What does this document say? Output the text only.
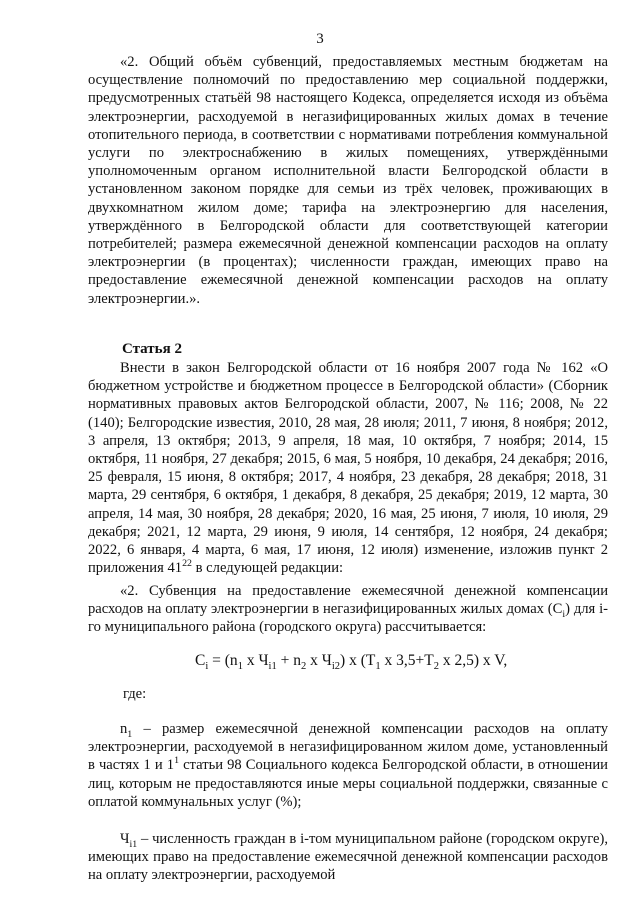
3

«2. Общий объём субвенций, предоставляемых местным бюджетам на осуществление полномочий по предоставлению мер социальной поддержки, предусмотренных статьёй 98 настоящего Кодекса, определяется исходя из объёма электроэнергии, расходуемой в негазифицированных жилых домах в течение отопительного периода, в соответствии с нормативами потребления коммунальной услуги по электроснабжению в жилых помещениях, утверждёнными уполномоченным органом исполнительной власти Белгородской области в установленном законом порядке для семьи из трёх человек, проживающих в двухкомнатном жилом доме; тарифа на электроэнергию для населения, утверждённого в Белгородской области для соответствующей категории потребителей; размера ежемесячной денежной компенсации расходов на оплату электроэнергии (в процентах); численности граждан, имеющих право на предоставление ежемесячной денежной компенсации расходов на оплату электроэнергии.».

Статья 2

Внести в закон Белгородской области от 16 ноября 2007 года № 162 «О бюджетном устройстве и бюджетном процессе в Белгородской области» (Сборник нормативных правовых актов Белгородской области, 2007, № 116; 2008, № 22 (140); Белгородские известия, 2010, 28 мая, 28 июля; 2011, 7 июня, 8 ноября; 2012, 3 апреля, 13 октября; 2013, 9 апреля, 18 мая, 10 октября, 7 ноября; 2014, 15 октября, 11 ноября, 27 декабря; 2015, 6 мая, 5 ноября, 10 декабря, 24 декабря; 2016, 25 февраля, 15 июня, 8 октября; 2017, 4 ноября, 23 декабря, 28 декабря; 2018, 31 марта, 29 сентября, 6 октября, 1 декабря, 8 декабря, 25 декабря; 2019, 12 марта, 30 апреля, 14 мая, 30 ноября, 28 декабря; 2020, 16 мая, 25 июня, 7 июля, 10 июля, 29 декабря; 2021, 12 марта, 29 июня, 9 июля, 14 сентября, 12 ноября, 24 декабря; 2022, 6 января, 4 марта, 6 мая, 17 июня, 12 июля) изменение, изложив пункт 2 приложения $41^{22}$ в следующей редакции:

«2. Субвенция на предоставление ежемесячной денежной компенсации расходов на оплату электроэнергии в негазифицированных жилых домах $(C_i)$ для i-го муниципального района (городского округа) рассчитывается:

$C_i = (n_1$ x $Ч_{i1} + n_2$ x $Ч_{i2}$) x ($T_1$ x $3,5+T_2$ x 2,5) x V,

где:

$n_1$ – размер ежемесячной денежной компенсации расходов на оплату электроэнергии, расходуемой в негазифицированном жилом доме, установленный в частях 1 и $1^1$ статьи 98 Социального кодекса Белгородской области, в отношении лиц, которым не предоставляются иные меры социальной поддержки, связанные с оплатой коммунальных услуг (%);

$Ч_{i1}$ – численность граждан в i-том муниципальном районе (городском округе), имеющих право на предоставление ежемесячной денежной компенсации расходов на оплату электроэнергии, расходуемой
